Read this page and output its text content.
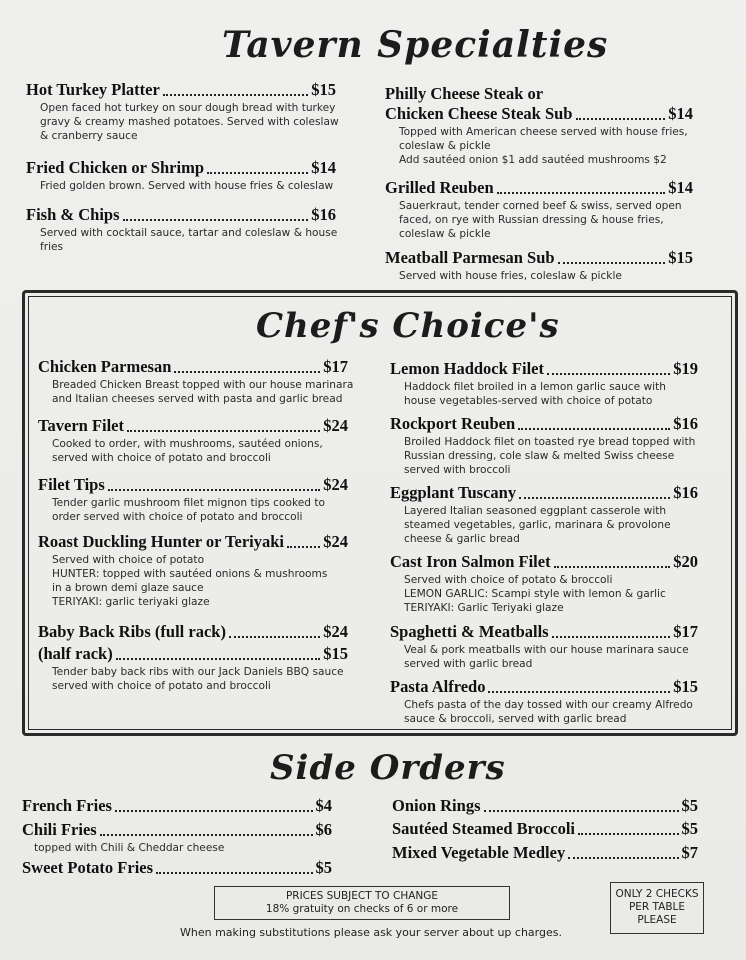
Tavern Specialties
Hot Turkey Platter	$15
Open faced hot turkey on sour dough bread with turkey
gravy & creamy mashed potatoes. Served with coleslaw
& cranberry sauce
Fried Chicken or Shrimp	$14
Fried golden brown. Served with house fries & coleslaw
Fish & Chips	$16
Served with cocktail sauce, tartar and coleslaw & house
fries
Philly Cheese Steak or
Chicken Cheese Steak Sub	$14
Topped with American cheese served with house fries,
coleslaw & pickle
Add sautéed onion $1 add sautéed mushrooms $2
Grilled Reuben	$14
Sauerkraut, tender corned beef & swiss, served open
faced, on rye with Russian dressing & house fries,
coleslaw & pickle
Meatball Parmesan Sub	$15
Served with house fries, coleslaw & pickle
Chef's Choice's
Chicken Parmesan	$17
Breaded Chicken Breast topped with our house marinara
and Italian cheeses served with pasta and garlic bread
Tavern Filet	$24
Cooked to order, with mushrooms, sautéed onions,
served with choice of potato and broccoli
Filet Tips	$24
Tender garlic mushroom filet mignon tips cooked to
order served with choice of potato and broccoli
Roast Duckling Hunter or Teriyaki $24
Served with choice of potato
HUNTER: topped with sautéed onions & mushrooms
in a brown demi glaze sauce
TERIYAKI: garlic teriyaki glaze
Baby Back Ribs (full rack)	$24
(half rack)	$15
Tender baby back ribs with our Jack Daniels BBQ sauce
served with choice of potato and broccoli
Lemon Haddock Filet	$19
Haddock filet broiled in a lemon garlic sauce with
house vegetables-served with choice of potato
Rockport Reuben	$16
Broiled Haddock filet on toasted rye bread topped with
Russian dressing, cole slaw & melted Swiss cheese
served with broccoli
Eggplant Tuscany	$16
Layered Italian seasoned eggplant casserole with
steamed vegetables, garlic, marinara & provolone
cheese & garlic bread
Cast Iron Salmon Filet	$20
Served with choice of potato & broccoli
LEMON GARLIC: Scampi style with lemon & garlic
TERIYAKI: Garlic Teriyaki glaze
Spaghetti & Meatballs	$17
Veal & pork meatballs with our house marinara sauce
served with garlic bread
Pasta Alfredo	$15
Chefs pasta of the day tossed with our creamy Alfredo
sauce & broccoli, served with garlic bread
Side Orders
French Fries	$4
Chili Fries	$6
topped with Chili & Cheddar cheese
Sweet Potato Fries	$5
Onion Rings	$5
Sautéed Steamed Broccoli	$5
Mixed Vegetable Medley	$7
PRICES SUBJECT TO CHANGE
18% gratuity on checks of 6 or more
ONLY 2 CHECKS
PER TABLE
PLEASE
When making substitutions please ask your server about up charges.
